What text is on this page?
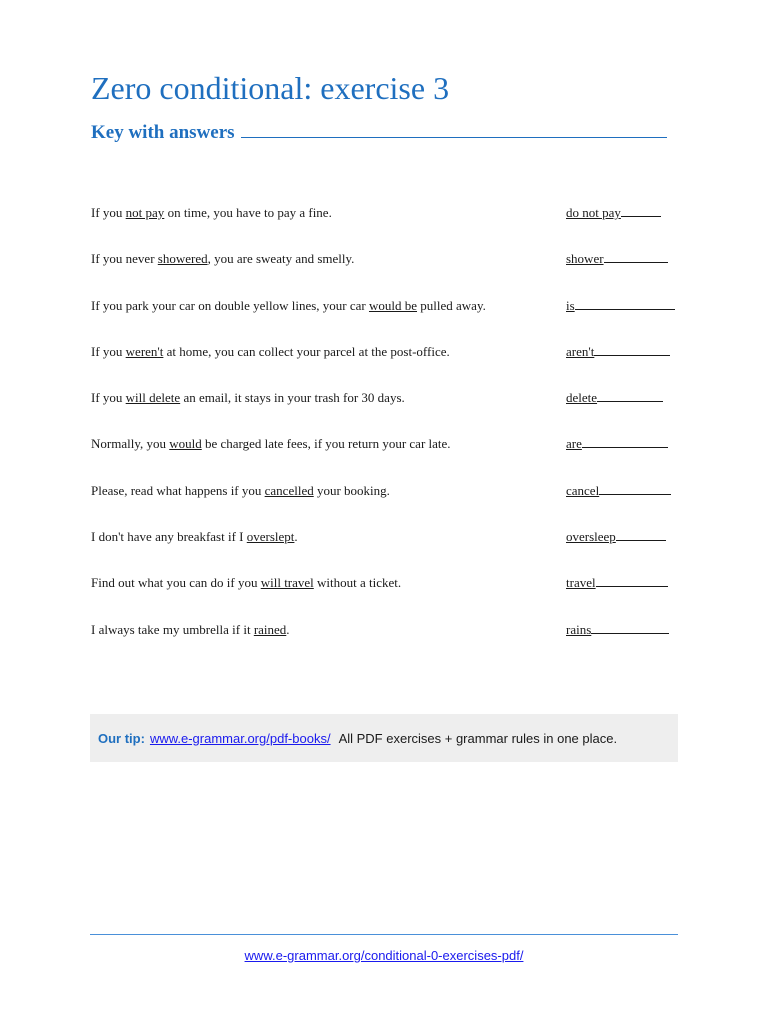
Zero conditional: exercise 3
Key with answers
If you not pay on time, you have to pay a fine.	do not pay
If you never showered, you are sweaty and smelly.	shower
If you park your car on double yellow lines, your car would be pulled away.	is
If you weren't at home, you can collect your parcel at the post-office.	aren't
If you will delete an email, it stays in your trash for 30 days.	delete
Normally, you would be charged late fees, if you return your car late.	are
Please, read what happens if you cancelled your booking.	cancel
I don't have any breakfast if I overslept.	oversleep
Find out what you can do if you will travel without a ticket.	travel
I always take my umbrella if it rained.	rains
Our tip: www.e-grammar.org/pdf-books/ All PDF exercises + grammar rules in one place.
www.e-grammar.org/conditional-0-exercises-pdf/
